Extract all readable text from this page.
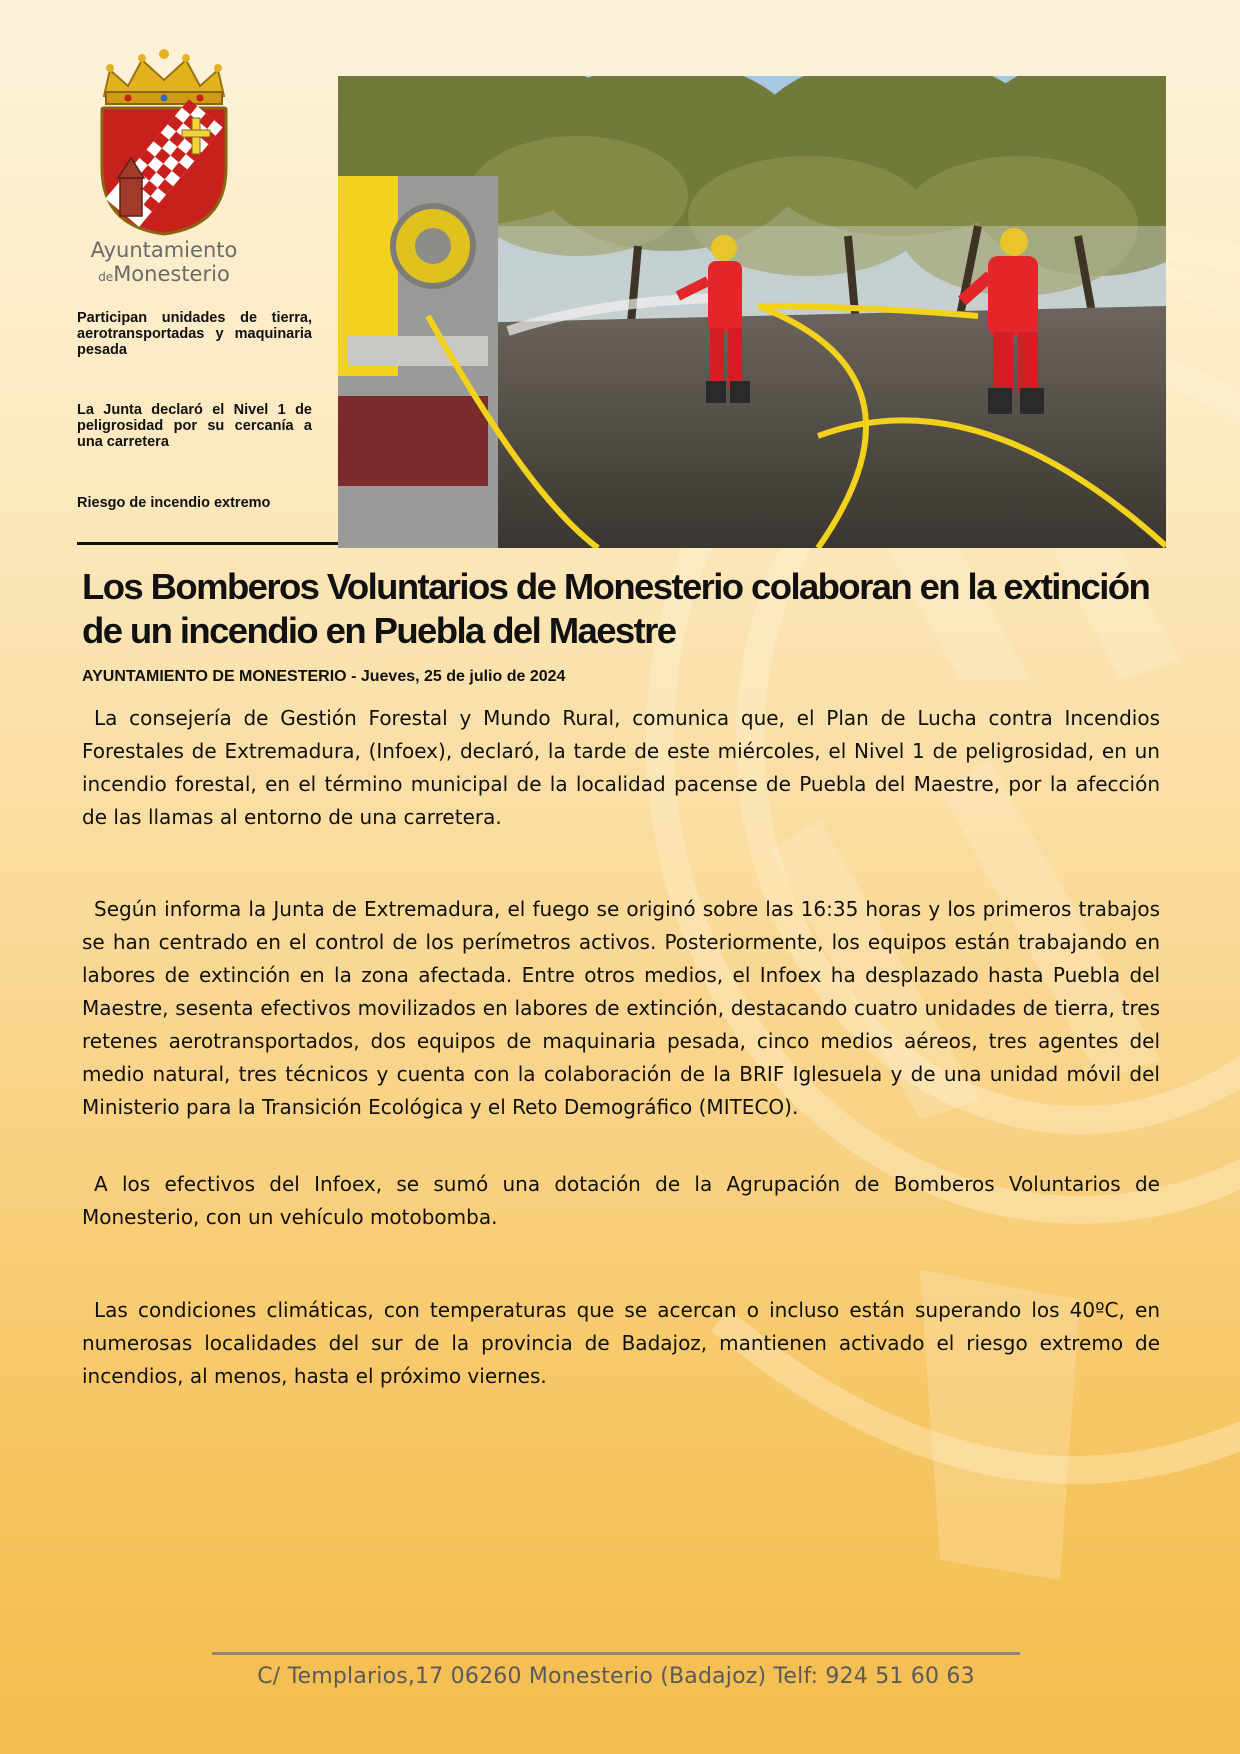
Ayuntamiento
deMonesterio
Participan unidades de tierra, aerotransportadas y maquinaria pesada
La Junta declaró el Nivel 1 de peligrosidad por su cercanía a una carretera
Riesgo de incendio extremo
Los Bomberos Voluntarios de Monesterio colaboran en la extinción de un incendio en Puebla del Maestre
AYUNTAMIENTO DE MONESTERIO - Jueves, 25 de julio de 2024

La consejería de Gestión Forestal y Mundo Rural, comunica que, el Plan de Lucha contra Incendios Forestales de Extremadura, (Infoex), declaró, la tarde de este miércoles, el Nivel 1 de peligrosidad, en un incendio forestal, en el término municipal de la localidad pacense de Puebla del Maestre, por la afección de las llamas al entorno de una carretera.

Según informa la Junta de Extremadura, el fuego se originó sobre las 16:35 horas y los primeros trabajos se han centrado en el control de los perímetros activos. Posteriormente, los equipos están trabajando en labores de extinción en la zona afectada. Entre otros medios, el Infoex ha desplazado hasta Puebla del Maestre, sesenta efectivos movilizados en labores de extinción, destacando cuatro unidades de tierra, tres retenes aerotransportados, dos equipos de maquinaria pesada, cinco medios aéreos, tres agentes del medio natural, tres técnicos y cuenta con la colaboración de la BRIF Iglesuela y de una unidad móvil del Ministerio para la Transición Ecológica y el Reto Demográfico (MITECO).

A los efectivos del Infoex, se sumó una dotación de la Agrupación de Bomberos Voluntarios de Monesterio, con un vehículo motobomba.

Las condiciones climáticas, con temperaturas que se acercan o incluso están superando los 40ºC, en numerosas localidades del sur de la provincia de Badajoz, mantienen activado el riesgo extremo de incendios, al menos, hasta el próximo viernes.

C/ Templarios,17 06260 Monesterio (Badajoz) Telf: 924 51 60 63
